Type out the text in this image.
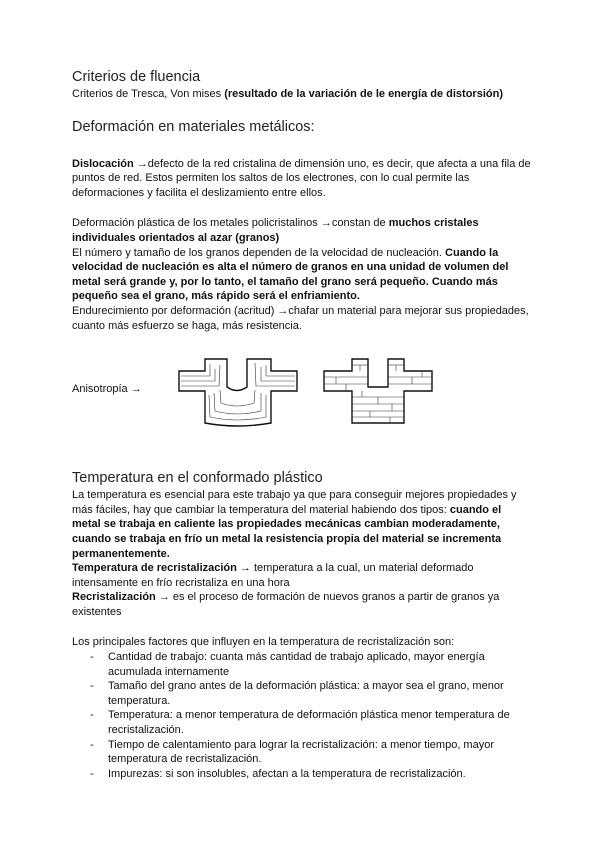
Criterios de fluencia

Criterios de Tresca, Von mises (resultado de la variación de le energía de distorsión)

Deformación en materiales metálicos:

Dislocación →defecto de la red cristalina de dimensión uno, es decir, que afecta a una fila de puntos de red. Estos permiten los saltos de los electrones, con lo cual permite las deformaciones y facilita el deslizamiento entre ellos.

Deformación plástica de los metales policristalinos →constan de muchos cristales individuales orientados al azar (granos)

El número y tamaño de los granos dependen de la velocidad de nucleación. Cuando la velocidad de nucleación es alta el número de granos en una unidad de volumen del metal será grande y, por lo tanto, el tamaño del grano será pequeño. Cuando más pequeño sea el grano, más rápido será el enfriamiento.

Endurecimiento por deformación (acritud) →chafar un material para mejorar sus propiedades, cuanto más esfuerzo se haga, más resistencia.

Anisotropía →
Temperatura en el conformado plástico

La temperatura es esencial para este trabajo ya que para conseguir mejores propiedades y más fáciles, hay que cambiar la temperatura del material habiendo dos tipos: cuando el metal se trabaja en caliente las propiedades mecánicas cambian moderadamente, cuando se trabaja en frío un metal la resistencia propia del material se incrementa permanentemente.

Temperatura de recristalización → temperatura a la cual, un material deformado intensamente en frío recristaliza en una hora

Recristalización → es el proceso de formación de nuevos granos a partir de granos ya existentes

Los principales factores que influyen en la temperatura de recristalización son:

- Cantidad de trabajo: cuanta más cantidad de trabajo aplicado, mayor energía acumulada internamente
- Tamaño del grano antes de la deformación plástica: a mayor sea el grano, menor temperatura.
- Temperatura: a menor temperatura de deformación plástica menor temperatura de recristalización.
- Tiempo de calentamiento para lograr la recristalización: a menor tiempo, mayor temperatura de recristalización.
- Impurezas: si son insolubles, afectan a la temperatura de recristalización.
